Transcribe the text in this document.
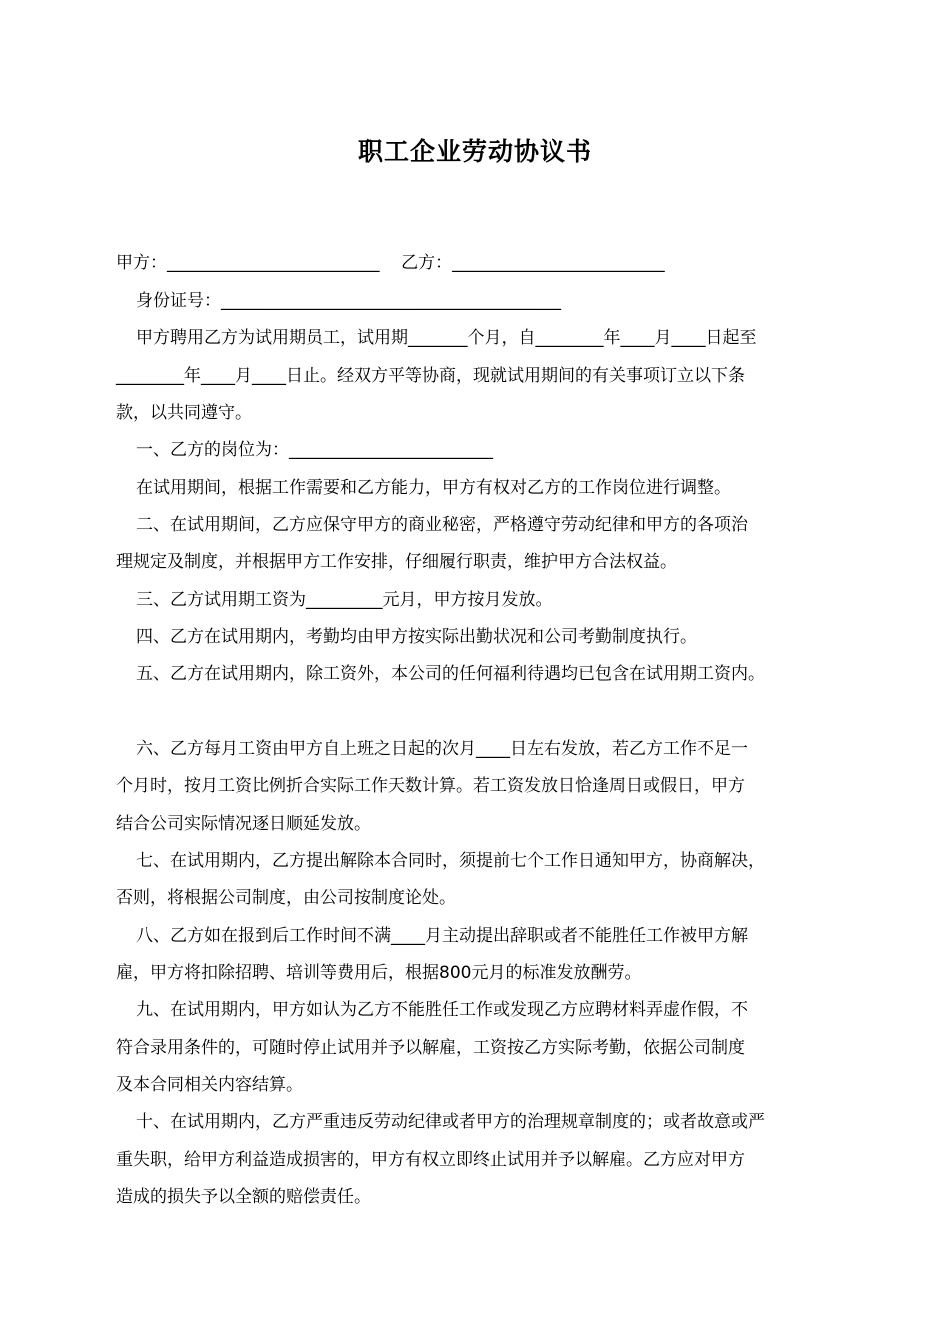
职工企业劳动协议书
甲方：_________________________    乙方：_________________________
身份证号：________________________________________
甲方聘用乙方为试用期员工，试用期_______个月，自________年____月____日起至
________年____月____日止。经双方平等协商，现就试用期间的有关事项订立以下条
款，以共同遵守。
一、乙方的岗位为：________________________
在试用期间，根据工作需要和乙方能力，甲方有权对乙方的工作岗位进行调整。
二、在试用期间，乙方应保守甲方的商业秘密，严格遵守劳动纪律和甲方的各项治
理规定及制度，并根据甲方工作安排，仔细履行职责，维护甲方合法权益。
三、乙方试用期工资为_________元月，甲方按月发放。
四、乙方在试用期内，考勤均由甲方按实际出勤状况和公司考勤制度执行。
五、乙方在试用期内，除工资外，本公司的任何福利待遇均已包含在试用期工资内。
六、乙方每月工资由甲方自上班之日起的次月____日左右发放，若乙方工作不足一
个月时，按月工资比例折合实际工作天数计算。若工资发放日恰逢周日或假日，甲方
结合公司实际情况逐日顺延发放。
七、在试用期内，乙方提出解除本合同时，须提前七个工作日通知甲方，协商解决，
否则，将根据公司制度，由公司按制度论处。
八、乙方如在报到后工作时间不满____月主动提出辞职或者不能胜任工作被甲方解
雇，甲方将扣除招聘、培训等费用后，根据800元月的标准发放酬劳。
九、在试用期内，甲方如认为乙方不能胜任工作或发现乙方应聘材料弄虚作假，不
符合录用条件的，可随时停止试用并予以解雇，工资按乙方实际考勤，依据公司制度
及本合同相关内容结算。
十、在试用期内，乙方严重违反劳动纪律或者甲方的治理规章制度的；或者故意或严
重失职，给甲方利益造成损害的，甲方有权立即终止试用并予以解雇。乙方应对甲方
造成的损失予以全额的赔偿责任。
